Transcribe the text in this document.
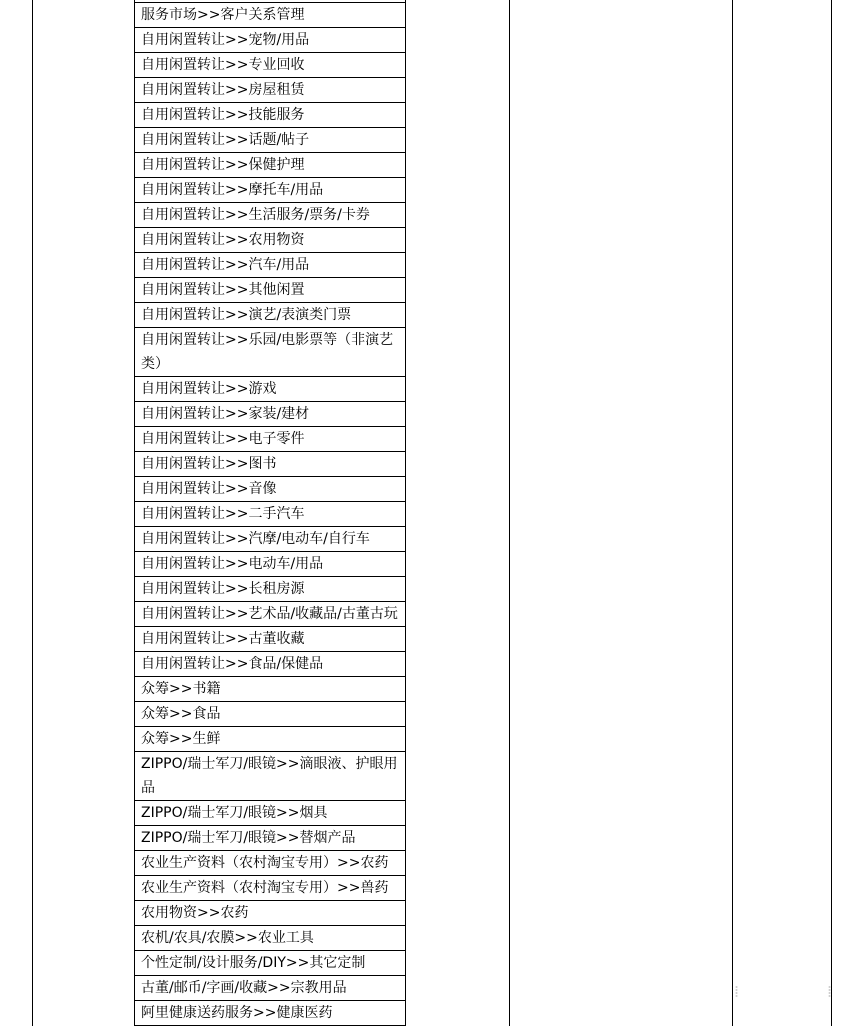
服务市场>>客户关系管理
自用闲置转让>>宠物/用品
自用闲置转让>>专业回收
自用闲置转让>>房屋租赁
自用闲置转让>>技能服务
自用闲置转让>>话题/帖子
自用闲置转让>>保健护理
自用闲置转让>>摩托车/用品
自用闲置转让>>生活服务/票务/卡券
自用闲置转让>>农用物资
自用闲置转让>>汽车/用品
自用闲置转让>>其他闲置
自用闲置转让>>演艺/表演类门票
自用闲置转让>>乐园/电影票等（非演艺类）
自用闲置转让>>游戏
自用闲置转让>>家装/建材
自用闲置转让>>电子零件
自用闲置转让>>图书
自用闲置转让>>音像
自用闲置转让>>二手汽车
自用闲置转让>>汽摩/电动车/自行车
自用闲置转让>>电动车/用品
自用闲置转让>>长租房源
自用闲置转让>>艺术品/收藏品/古董古玩
自用闲置转让>>古董收藏
自用闲置转让>>食品/保健品
众筹>>书籍
众筹>>食品
众筹>>生鲜
ZIPPO/瑞士军刀/眼镜>>滴眼液、护眼用品
ZIPPO/瑞士军刀/眼镜>>烟具
ZIPPO/瑞士军刀/眼镜>>替烟产品
农业生产资料（农村淘宝专用）>>农药
农业生产资料（农村淘宝专用）>>兽药
农用物资>>农药
农机/农具/农膜>>农业工具
个性定制/设计服务/DIY>>其它定制
古董/邮币/字画/收藏>>宗教用品
阿里健康送药服务>>健康医药
⁞	⁞
